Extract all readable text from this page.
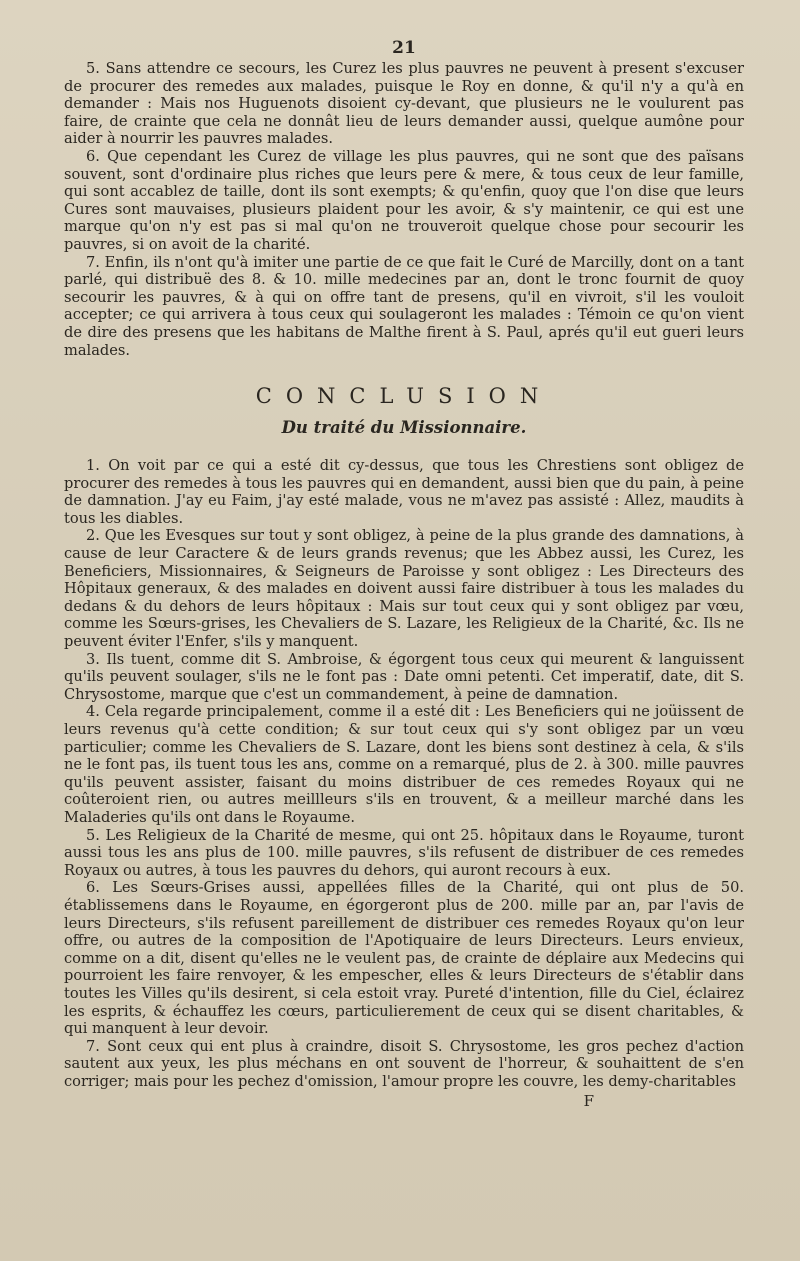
21

5. Sans attendre ce secours, les Curez les plus pauvres ne peuvent à present s'excuser de procurer des remedes aux malades, puisque le Roy en donne, & qu'il n'y a qu'à en demander : Mais nos Huguenots disoient cy-devant, que plusieurs ne le voulurent pas faire, de crainte que cela ne donnât lieu de leurs demander aussi, quelque aumône pour aider à nourrir les pauvres malades.

6. Que cependant les Curez de village les plus pauvres, qui ne sont que des païsans souvent, sont d'ordinaire plus riches que leurs pere & mere, & tous ceux de leur famille, qui sont accablez de taille, dont ils sont exempts; & qu'enfin, quoy que l'on dise que leurs Cures sont mauvaises, plusieurs plaident pour les avoir, & s'y maintenir, ce qui est une marque qu'on n'y est pas si mal qu'on ne trouveroit quelque chose pour secourir les pauvres, si on avoit de la charité.

7. Enfin, ils n'ont qu'à imiter une partie de ce que fait le Curé de Marcilly, dont on a tant parlé, qui distribuë des 8. & 10. mille medecines par an, dont le tronc fournit de quoy secourir les pauvres, & à qui on offre tant de presens, qu'il en vivroit, s'il les vouloit accepter; ce qui arrivera à tous ceux qui soulageront les malades : Témoin ce qu'on vient de dire des presens que les habitans de Malthe firent à S. Paul, aprés qu'il eut gueri leurs malades.

CONCLUSION
Du traité du Missionnaire.

1. On voit par ce qui a esté dit cy-dessus, que tous les Chrestiens sont obligez de procurer des remedes à tous les pauvres qui en demandent, aussi bien que du pain, à peine de damnation. J'ay eu Faim, j'ay esté malade, vous ne m'avez pas assisté : Allez, maudits à tous les diables.

2. Que les Evesques sur tout y sont obligez, à peine de la plus grande des damnations, à cause de leur Caractere & de leurs grands revenus; que les Abbez aussi, les Curez, les Beneficiers, Missionnaires, & Seigneurs de Paroisse y sont obligez : Les Directeurs des Hôpitaux generaux, & des malades en doivent aussi faire distribuer à tous les malades du dedans & du dehors de leurs hôpitaux : Mais sur tout ceux qui y sont obligez par vœu, comme les Sœurs-grises, les Chevaliers de S. Lazare, les Religieux de la Charité, &c. Ils ne peuvent éviter l'Enfer, s'ils y manquent.

3. Ils tuent, comme dit S. Ambroise, & égorgent tous ceux qui meurent & languissent qu'ils peuvent soulager, s'ils ne le font pas : Date omni petenti. Cet imperatif, date, dit S. Chrysostome, marque que c'est un commandement, à peine de damnation.

4. Cela regarde principalement, comme il a esté dit : Les Beneficiers qui ne joüissent de leurs revenus qu'à cette condition; & sur tout ceux qui s'y sont obligez par un vœu particulier; comme les Chevaliers de S. Lazare, dont les biens sont destinez à cela, & s'ils ne le font pas, ils tuent tous les ans, comme on a remarqué, plus de 2. à 300. mille pauvres qu'ils peuvent assister, faisant du moins distribuer de ces remedes Royaux qui ne coûteroient rien, ou autres meillleurs s'ils en trouvent, & a meilleur marché dans les Maladeries qu'ils ont dans le Royaume.

5. Les Religieux de la Charité de mesme, qui ont 25. hôpitaux dans le Royaume, turont aussi tous les ans plus de 100. mille pauvres, s'ils refusent de distribuer de ces remedes Royaux ou autres, à tous les pauvres du dehors, qui auront recours à eux.

6. Les Sœurs-Grises aussi, appellées filles de la Charité, qui ont plus de 50. établissemens dans le Royaume, en égorgeront plus de 200. mille par an, par l'avis de leurs Directeurs, s'ils refusent pareillement de distribuer ces remedes Royaux qu'on leur offre, ou autres de la composition de l'Apotiquaire de leurs Directeurs. Leurs envieux, comme on a dit, disent qu'elles ne le veulent pas, de crainte de déplaire aux Medecins qui pourroient les faire renvoyer, & les empescher, elles & leurs Directeurs de s'établir dans toutes les Villes qu'ils desirent, si cela estoit vray. Pureté d'intention, fille du Ciel, éclairez les esprits, & échauffez les cœurs, particulierement de ceux qui se disent charitables, & qui manquent à leur devoir.

7. Sont ceux qui ent plus à craindre, disoit S. Chrysostome, les gros pechez d'action sautent aux yeux, les plus méchans en ont souvent de l'horreur, & souhaittent de s'en corriger; mais pour les pechez d'omission, l'amour propre les couvre, les demy-charitables

F
